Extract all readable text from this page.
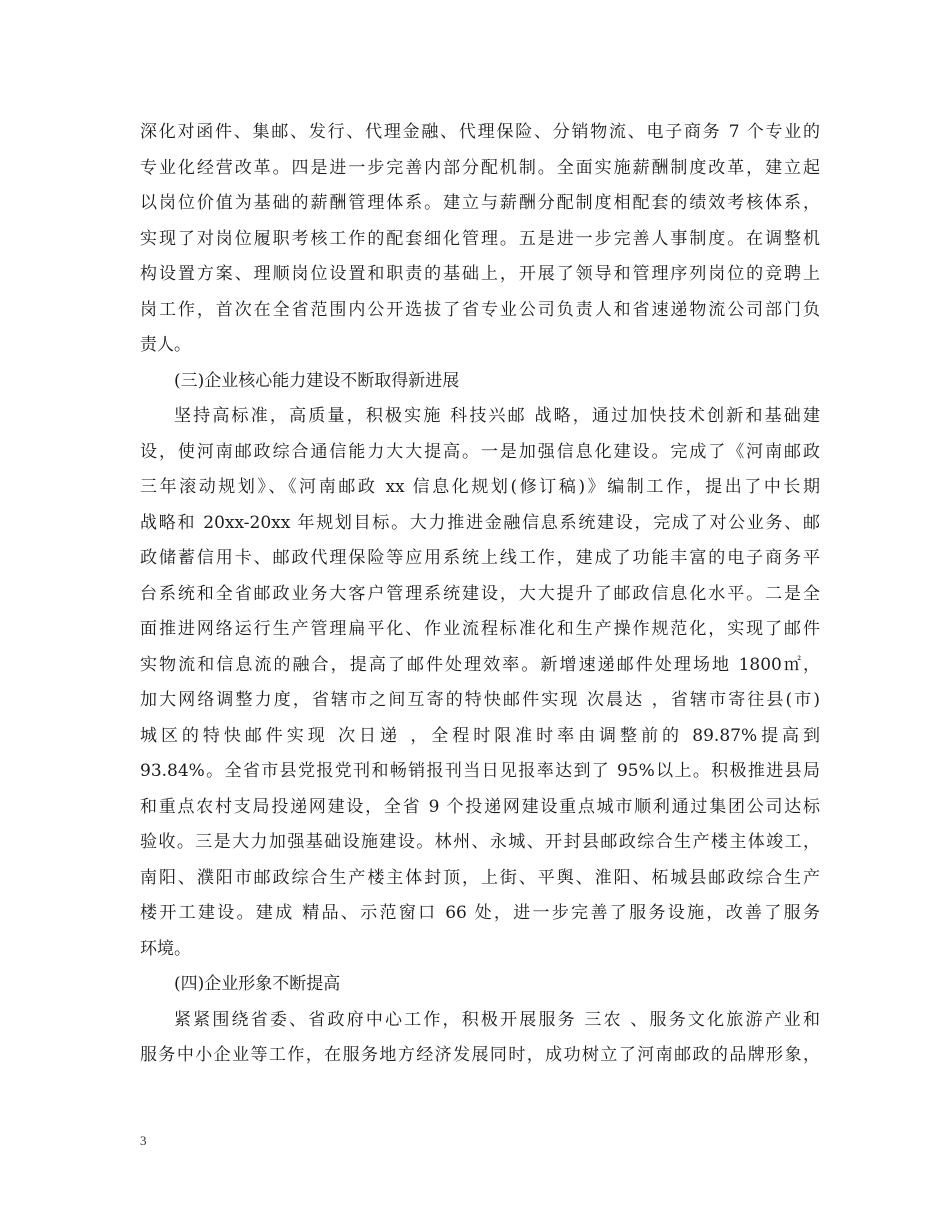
深化对函件、集邮、发行、代理金融、代理保险、分销物流、电子商务 7 个专业的
专业化经营改革。四是进一步完善内部分配机制。全面实施薪酬制度改革，建立起
以岗位价值为基础的薪酬管理体系。建立与薪酬分配制度相配套的绩效考核体系，
实现了对岗位履职考核工作的配套细化管理。五是进一步完善人事制度。在调整机
构设置方案、理顺岗位设置和职责的基础上，开展了领导和管理序列岗位的竞聘上
岗工作，首次在全省范围内公开选拔了省专业公司负责人和省速递物流公司部门负
责人。
(三)企业核心能力建设不断取得新进展
坚持高标准，高质量，积极实施 科技兴邮 战略，通过加快技术创新和基础建
设，使河南邮政综合通信能力大大提高。一是加强信息化建设。完成了《河南邮政
三年滚动规划》、《河南邮政 xx 信息化规划(修订稿)》编制工作，提出了中长期
战略和 20xx-20xx 年规划目标。大力推进金融信息系统建设，完成了对公业务、邮
政储蓄信用卡、邮政代理保险等应用系统上线工作，建成了功能丰富的电子商务平
台系统和全省邮政业务大客户管理系统建设，大大提升了邮政信息化水平。二是全
面推进网络运行生产管理扁平化、作业流程标准化和生产操作规范化，实现了邮件
实物流和信息流的融合，提高了邮件处理效率。新增速递邮件处理场地 1800㎡，
加大网络调整力度，省辖市之间互寄的特快邮件实现 次晨达 ，省辖市寄往县(市)
城区的特快邮件实现 次日递 ，全程时限准时率由调整前的 89.87%提高到
93.84%。全省市县党报党刊和畅销报刊当日见报率达到了 95%以上。积极推进县局
和重点农村支局投递网建设，全省 9 个投递网建设重点城市顺利通过集团公司达标
验收。三是大力加强基础设施建设。林州、永城、开封县邮政综合生产楼主体竣工，
南阳、濮阳市邮政综合生产楼主体封顶，上街、平舆、淮阳、柘城县邮政综合生产
楼开工建设。建成 精品、示范窗口 66 处，进一步完善了服务设施，改善了服务
环境。
(四)企业形象不断提高
紧紧围绕省委、省政府中心工作，积极开展服务 三农 、服务文化旅游产业和
服务中小企业等工作，在服务地方经济发展同时，成功树立了河南邮政的品牌形象，
3
